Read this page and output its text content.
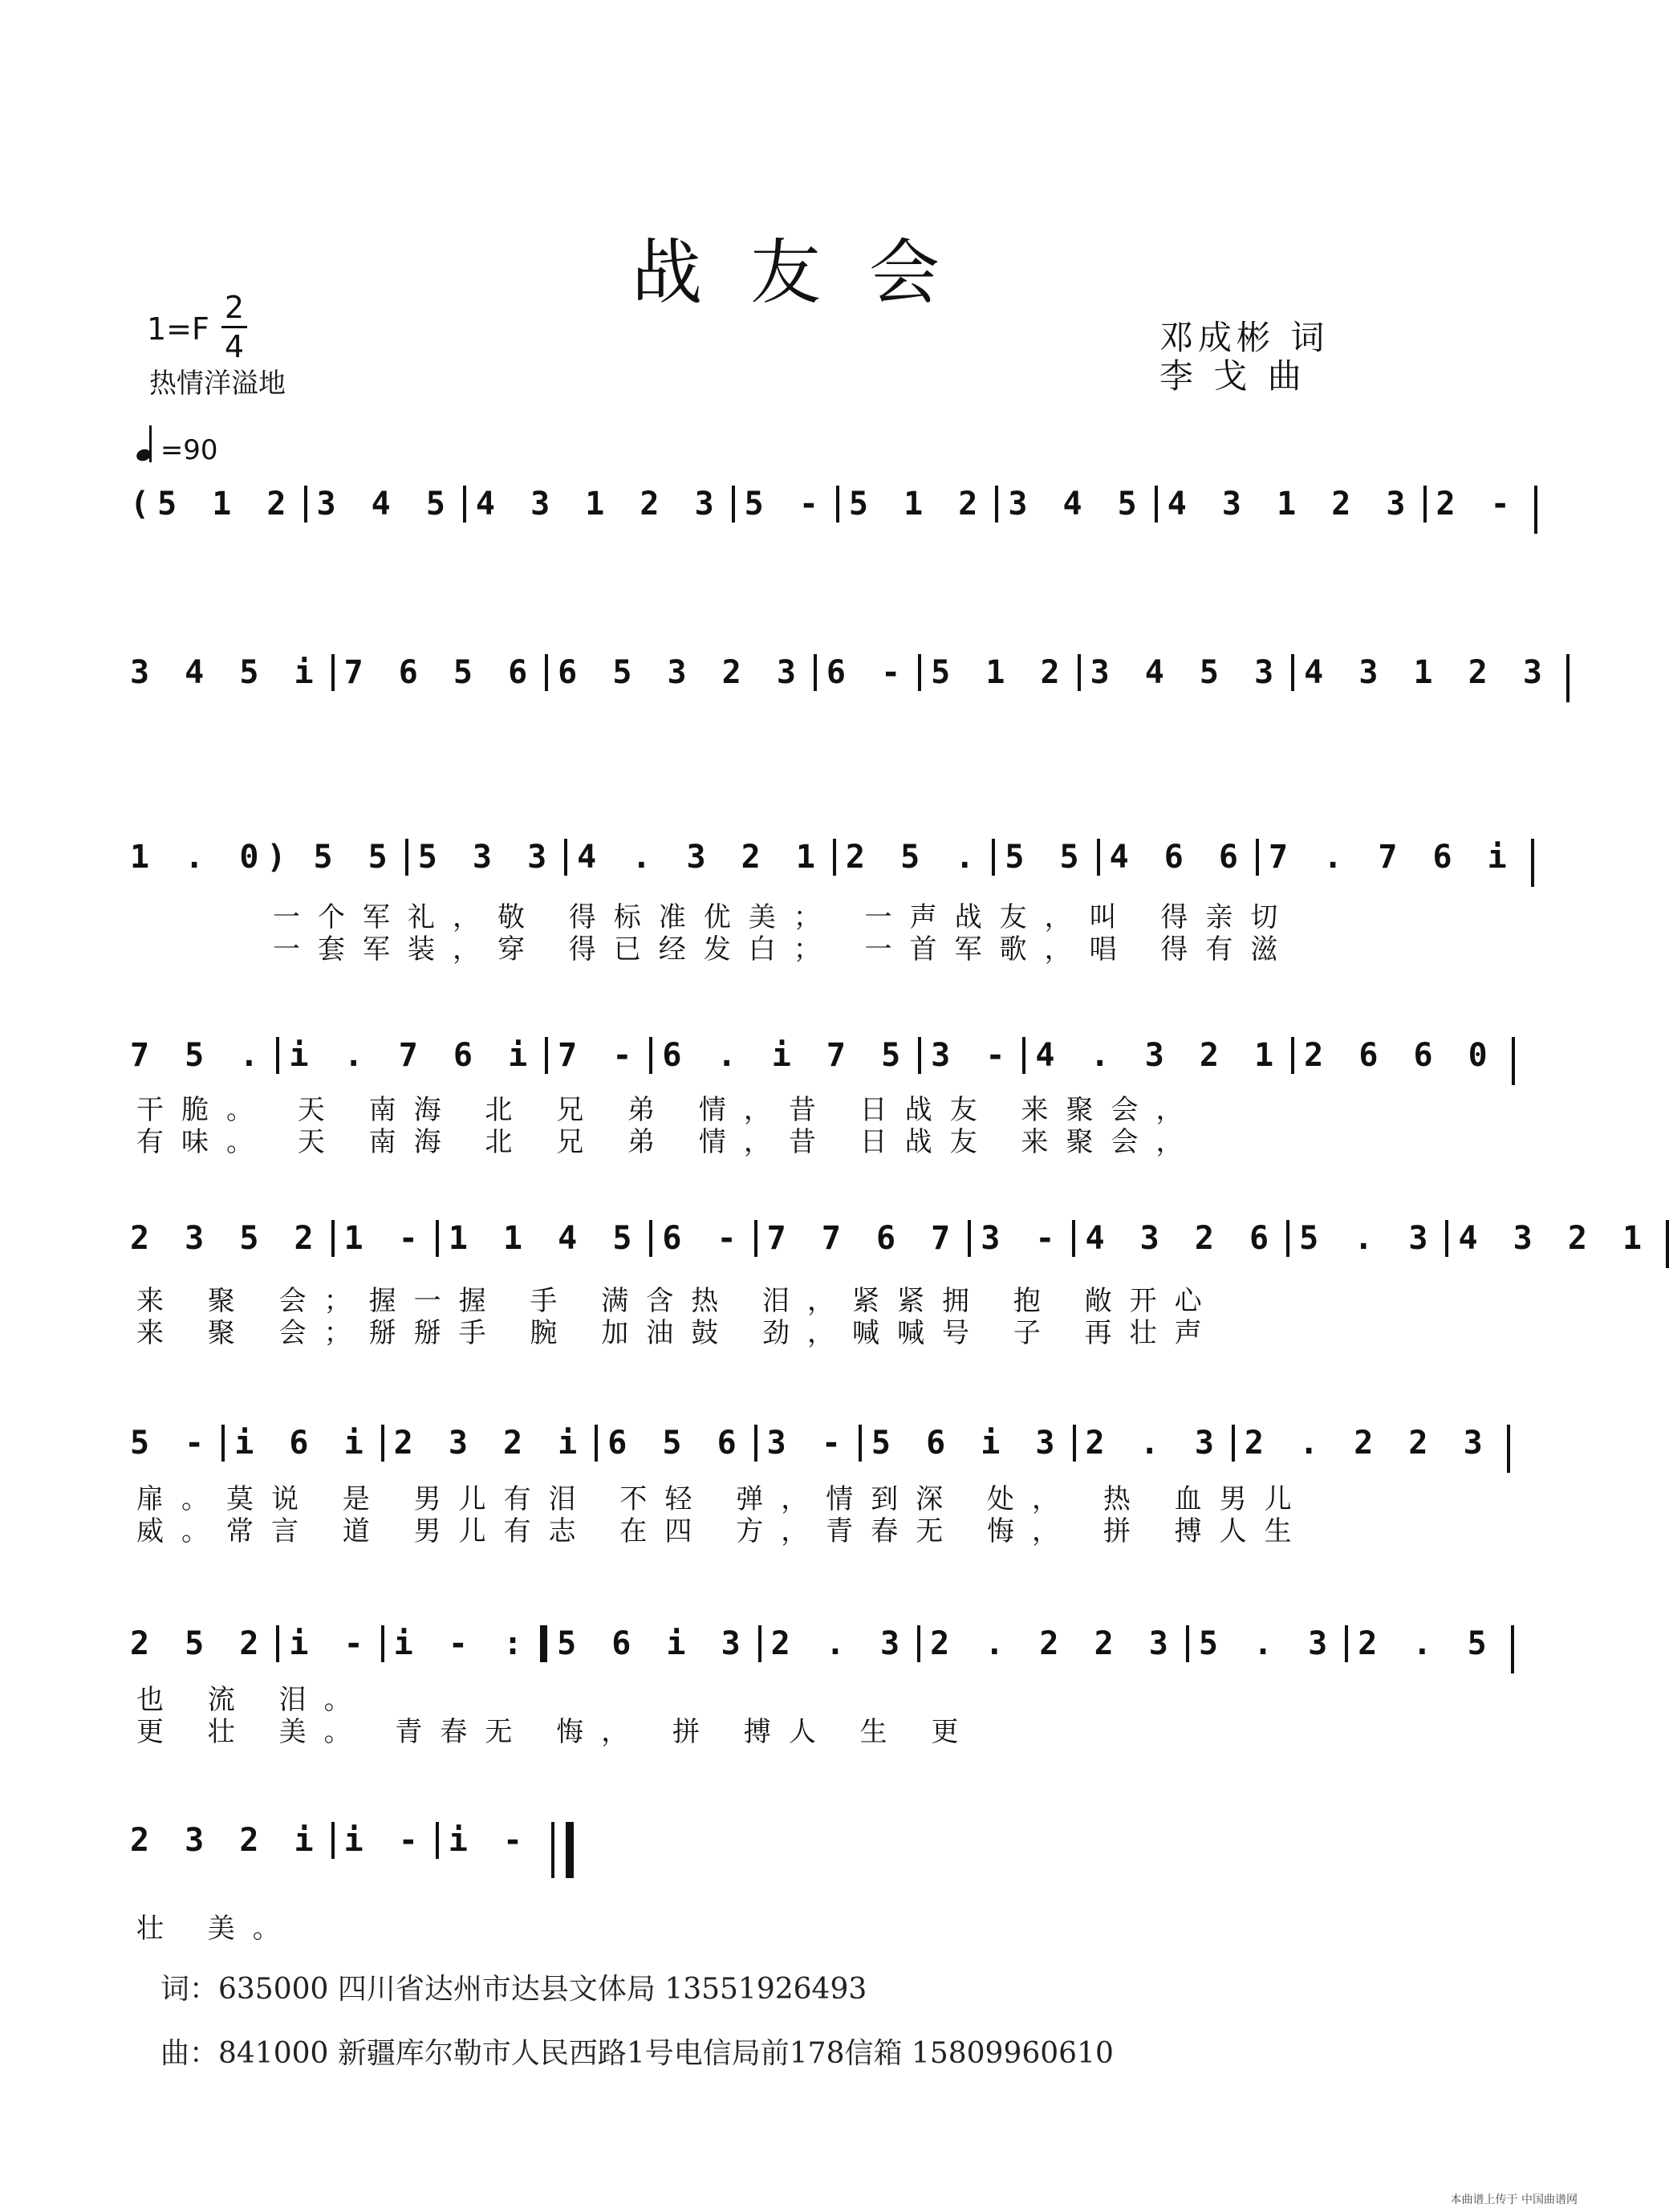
战 友 会
1=F
2
4
热情洋溢地
邓成彬 词
李 戈 曲
=90
(5 1 2 3 4 5 4 3 1 2 3 5 - 5 1 2 3 4 5 4 3 1 2 3 2 -
3 4 5 i 7 6 5 6 6 5 3 2 3 6 - 5 1 2 3 4 5 3 4 3 1 2 3
1 . 0) 5 5 5 3 3 4 . 3 2 1 2 5 . 5 5 4 6 6 7 . 7 6 i
一个军礼，敬 得标准优美； 一声战友，叫 得亲切
一套军装，穿 得已经发白； 一首军歌，唱 得有滋
7 5 . i . 7 6 i 7 - 6 . i 7 5 3 - 4 . 3 2 1 2 6 6 0
干脆。 天 南海 北 兄 弟 情，昔 日战友 来聚会，
有味。 天 南海 北 兄 弟 情，昔 日战友 来聚会，
2 3 5 2 1 - 1 1 4 5 6 - 7 7 6 7 3 - 4 3 2 6 5 . 3 4 3 2 1
来 聚 会；握一握 手 满含热 泪，紧紧拥 抱 敞开心
来 聚 会；掰掰手 腕 加油鼓 劲，喊喊号 子 再壮声
5 - i 6 i 2 3 2 i 6 5 6 3 - 5 6 i 3 2 . 3 2 . 2 2 3
扉。莫说 是 男儿有泪 不轻 弹，情到深 处， 热 血男儿
威。常言 道 男儿有志 在四 方，青春无 悔， 拼 搏人生
2 5 2 i - i - : 5 6 i 3 2 . 3 2 . 2 2 3 5 . 3 2 . 5
也 流 泪。
更 壮 美。 青春无 悔， 拼 搏人 生 更
2 3 2 i i - i -
壮 美。
词：635000 四川省达州市达县文体局 13551926493
曲：841000 新疆库尔勒市人民西路1号电信局前178信箱 15809960610
本曲谱上传于 中国曲谱网
